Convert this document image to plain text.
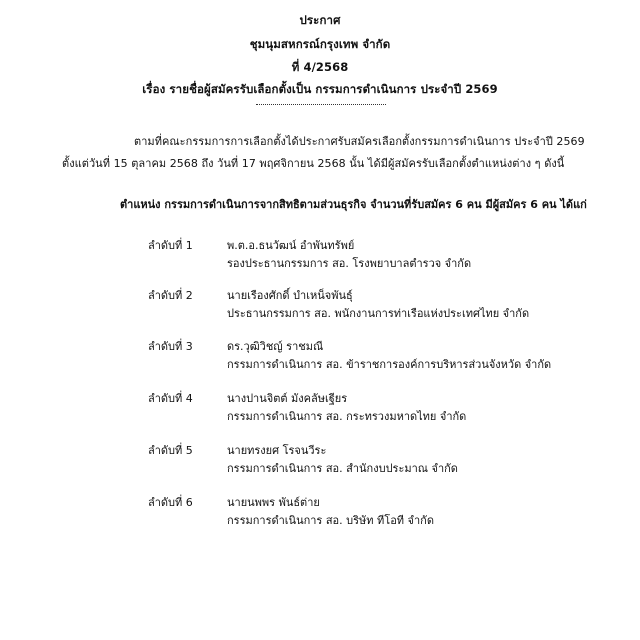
ประกาศ
ชุมนุมสหกรณ์กรุงเทพ จำกัด
ที่ 4/2568
เรื่อง รายชื่อผู้สมัครรับเลือกตั้งเป็น กรรมการดำเนินการ ประจำปี 2569
ตามที่คณะกรรมการการเลือกตั้งได้ประกาศรับสมัครเลือกตั้งกรรมการดำเนินการ ประจำปี 2569
ตั้งแต่วันที่ 15 ตุลาคม 2568 ถึง วันที่ 17 พฤศจิกายน 2568 นั้น ได้มีผู้สมัครรับเลือกตั้งตำแหน่งต่าง ๆ ดังนี้
ตำแหน่ง กรรมการดำเนินการจากสิทธิตามส่วนธุรกิจ จำนวนที่รับสมัคร 6 คน มีผู้สมัคร 6 คน ได้แก่
ลำดับที่ 1	พ.ต.อ.ธนวัฒน์ อำพันทรัพย์
รองประธานกรรมการ สอ. โรงพยาบาลตำรวจ จำกัด
ลำดับที่ 2	นายเรืองศักดิ์ บำเหน็จพันธุ์
ประธานกรรมการ สอ. พนักงานการท่าเรือแห่งประเทศไทย จำกัด
ลำดับที่ 3	ดร.วุฒิวิชญ์ ราชมณี
กรรมการดำเนินการ สอ. ข้าราชการองค์การบริหารส่วนจังหวัด จำกัด
ลำดับที่ 4	นางปานจิตต์ มังคลัษเฐียร
กรรมการดำเนินการ สอ. กระทรวงมหาดไทย จำกัด
ลำดับที่ 5	นายทรงยศ โรจนวีระ
กรรมการดำเนินการ สอ. สำนักงบประมาณ จำกัด
ลำดับที่ 6	นายนพพร พันธ์ต่าย
กรรมการดำเนินการ สอ. บริษัท ทีโอที จำกัด
